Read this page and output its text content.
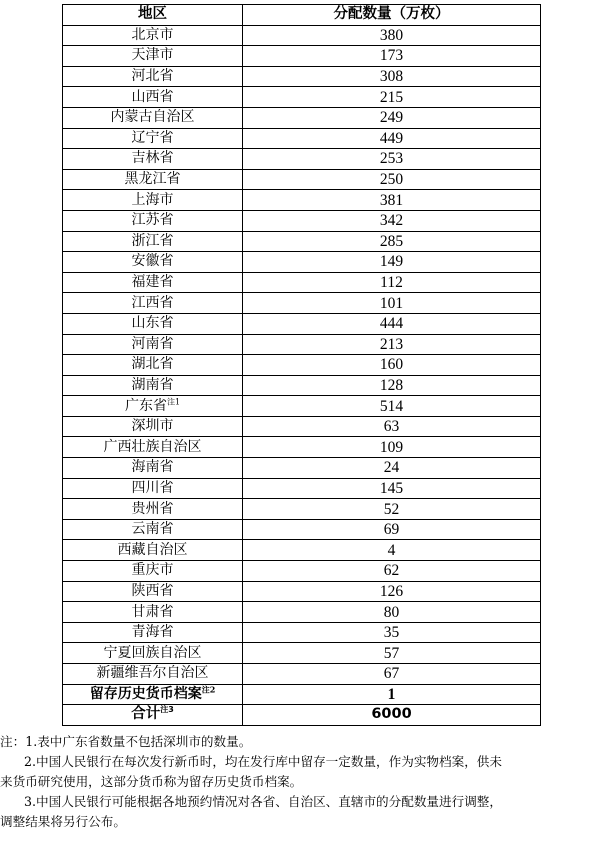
地区	分配数量（万枚）
北京市	380
天津市	173
河北省	308
山西省	215
内蒙古自治区	249
辽宁省	449
吉林省	253
黑龙江省	250
上海市	381
江苏省	342
浙江省	285
安徽省	149
福建省	112
江西省	101
山东省	444
河南省	213
湖北省	160
湖南省	128
广东省$^{注1}$	514
深圳市	63
广西壮族自治区	109
海南省	24
四川省	145
贵州省	52
云南省	69
西藏自治区	4
重庆市	62
陕西省	126
甘肃省	80
青海省	35
宁夏回族自治区	57
新疆维吾尔自治区	67
留存历史货币档案$^{注2}$	1
合计$^{注3}$	6000

注：1.表中广东省数量不包括深圳市的数量。

2.中国人民银行在每次发行新币时，均在发行库中留存一定数量，作为实物档案，供未

来货币研究使用，这部分货币称为留存历史货币档案。

3.中国人民银行可能根据各地预约情况对各省、自治区、直辖市的分配数量进行调整，

调整结果将另行公布。
